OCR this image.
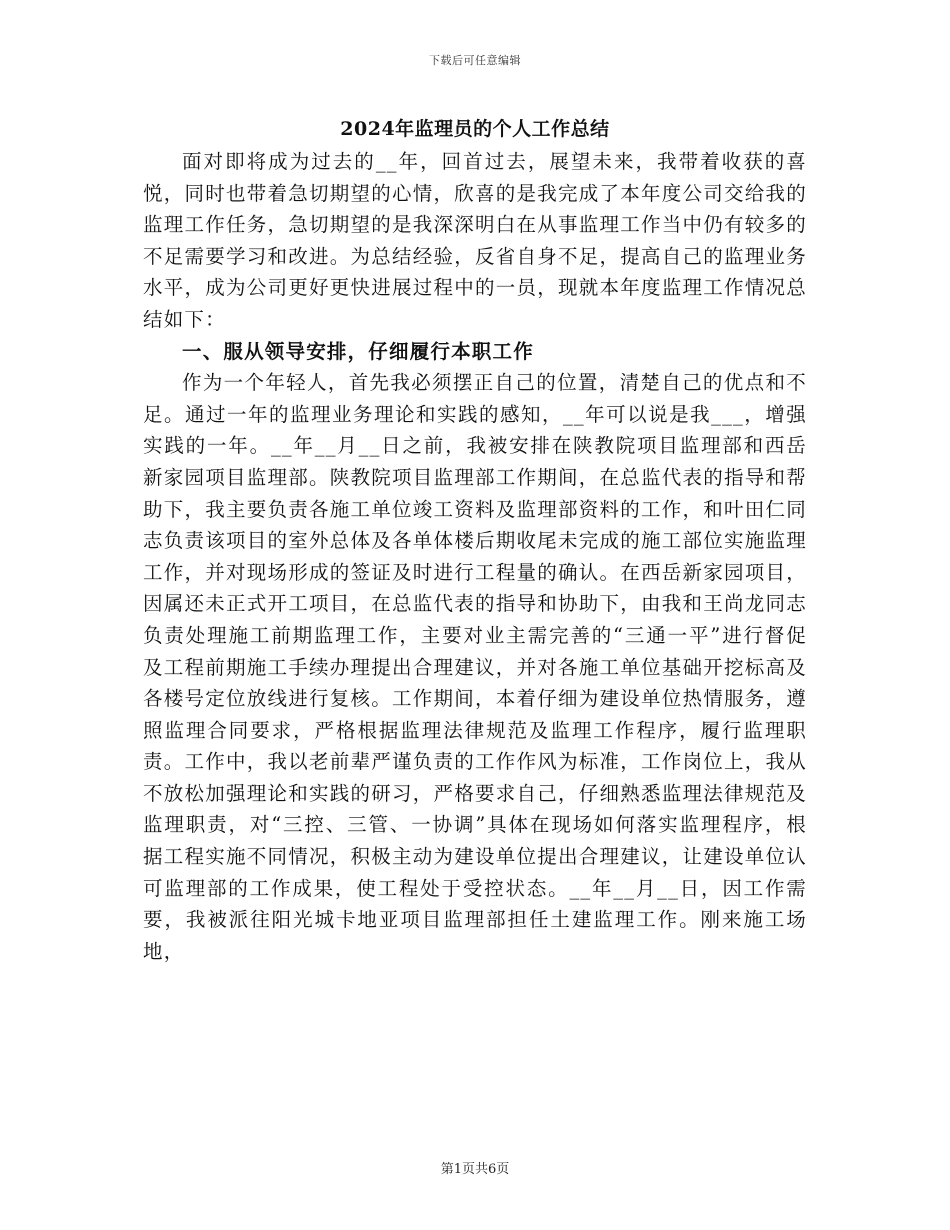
下载后可任意编辑
2024年监理员的个人工作总结

面对即将成为过去的__年，回首过去，展望未来，我带着收获的喜悦，同时也带着急切期望的心情，欣喜的是我完成了本年度公司交给我的监理工作任务，急切期望的是我深深明白在从事监理工作当中仍有较多的不足需要学习和改进。为总结经验，反省自身不足，提高自己的监理业务水平，成为公司更好更快进展过程中的一员，现就本年度监理工作情况总结如下：

一、服从领导安排，仔细履行本职工作

作为一个年轻人，首先我必须摆正自己的位置，清楚自己的优点和不足。通过一年的监理业务理论和实践的感知，__年可以说是我___，增强实践的一年。__年__月__日之前，我被安排在陕教院项目监理部和西岳新家园项目监理部。陕教院项目监理部工作期间，在总监代表的指导和帮助下，我主要负责各施工单位竣工资料及监理部资料的工作，和叶田仁同志负责该项目的室外总体及各单体楼后期收尾未完成的施工部位实施监理工作，并对现场形成的签证及时进行工程量的确认。在西岳新家园项目，因属还未正式开工项目，在总监代表的指导和协助下，由我和王尚龙同志负责处理施工前期监理工作，主要对业主需完善的“三通一平”进行督促及工程前期施工手续办理提出合理建议，并对各施工单位基础开挖标高及各楼号定位放线进行复核。工作期间，本着仔细为建设单位热情服务，遵照监理合同要求，严格根据监理法律规范及监理工作程序，履行监理职责。工作中，我以老前辈严谨负责的工作作风为标准，工作岗位上，我从不放松加强理论和实践的研习，严格要求自己，仔细熟悉监理法律规范及监理职责，对“三控、三管、一协调”具体在现场如何落实监理程序，根据工程实施不同情况，积极主动为建设单位提出合理建议，让建设单位认可监理部的工作成果，使工程处于受控状态。__年__月__日，因工作需要，我被派往阳光城卡地亚项目监理部担任土建监理工作。刚来施工场地，

第1页共6页
